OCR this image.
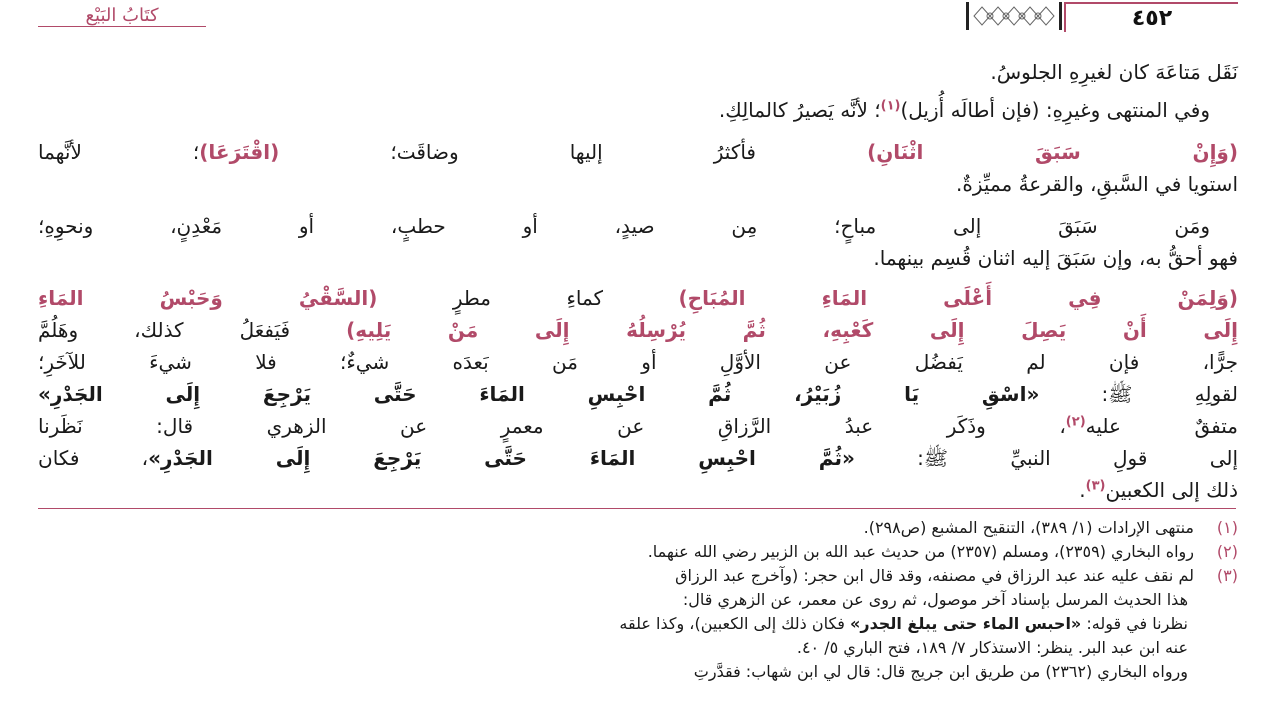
٤٥٢
كتَابُ البَيْع
نَقَل مَتاعَهَ كان لغيرِهِ الجلوسُ.
وفي المنتهى وغيرِهِ: (فإن أطالَه أُزيل)$^{(١)}$؛ لأنَّه يَصيرُ كالمالِكِ.
(وَإِنْ سَبَقَ اثْنَانِ) فأكثرُ إليها وضاقَت؛ (اقْتَرَعَا)؛ لأنَّهما
استويا في السَّبقِ، والقرعةُ مميِّزةٌ.
ومَن سَبَقَ إلى مباحٍ؛ مِن صيدٍ، أو حطبٍ، أو مَعْدِنٍ، ونحوِهِ؛
فهو أحقُّ به، وإن سَبَقَ إليه اثنان قُسِم بينهما.
(وَلِمَنْ فِي أَعْلَى المَاءِ المُبَاحِ) كماءِ مطرٍ (السَّقْيُ وَحَبْسُ المَاءِ
إِلَى أَنْ يَصِلَ إِلَى كَعْبِهِ، ثُمَّ يُرْسِلُهُ إِلَى مَنْ يَلِيهِ) فَيَفعَلُ كذلك، وهَلُمَّ
جرًّا، فإن لم يَفضُل عن الأوَّلِ أو مَن بَعدَه شيءٌ؛ فلا شيءَ للآخَرِ؛
لقولِهِ ﷺ: «اسْقِ يَا زُبَيْرُ، ثُمَّ احْبِسِ المَاءَ حَتَّى يَرْجِعَ إِلَى الجَدْرِ»
متفقٌ عليه$^{(٢)}$، وذَكَر عبدُ الرَّزاقِ عن معمرٍ عن الزهري قال: نَظَرنا
إلى قولِ النبيِّ ﷺ: «ثُمَّ احْبِسِ المَاءَ حَتَّى يَرْجِعَ إِلَى الجَدْرِ»، فكان
ذلك إلى الكعبين$^{(٣)}$.
(١)منتهى الإرادات (١/ ٣٨٩)، التنقيح المشبع (ص٢٩٨).
(٢)رواه البخاري (٢٣٥٩)، ومسلم (٢٣٥٧) من حديث عبد الله بن الزبير رضي الله عنهما.
(٣)لم نقف عليه عند عبد الرزاق في مصنفه، وقد قال ابن حجر: (وآخرج عبد الرزاق
هذا الحديث المرسل بإسناد آخر موصول، ثم روى عن معمر، عن الزهري قال:
نظرنا في قوله: «احبس الماء حتى يبلغ الجدر» فكان ذلك إلى الكعبين)، وكذا علقه
عنه ابن عبد البر. ينظر: الاستذكار ٧/ ١٨٩، فتح الباري ٥/ ٤٠.
ورواه البخاري (٢٣٦٢) من طريق ابن جريج قال: قال لي ابن شهاب: فقدَّرتِ
